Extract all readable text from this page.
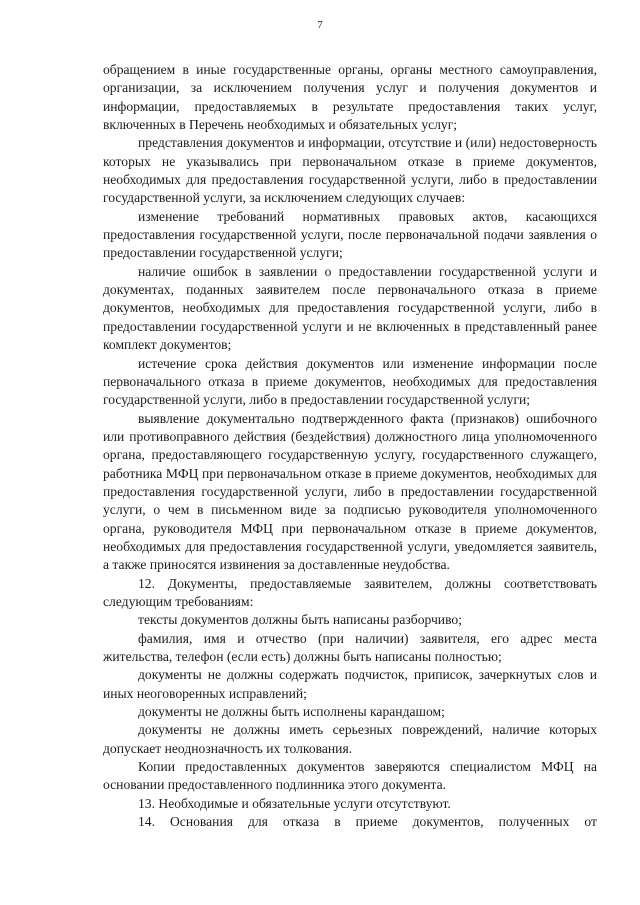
7

обращением в иные государственные органы, органы местного самоуправления, организации, за исключением получения услуг и получения документов и информации, предоставляемых в результате предоставления таких услуг, включенных в Перечень необходимых и обязательных услуг;

представления документов и информации, отсутствие и (или) недостоверность которых не указывались при первоначальном отказе в приеме документов, необходимых для предоставления государственной услуги, либо в предоставлении государственной услуги, за исключением следующих случаев:

изменение требований нормативных правовых актов, касающихся предоставления государственной услуги, после первоначальной подачи заявления о предоставлении государственной услуги;

наличие ошибок в заявлении о предоставлении государственной услуги и документах, поданных заявителем после первоначального отказа в приеме документов, необходимых для предоставления государственной услуги, либо в предоставлении государственной услуги и не включенных в представленный ранее комплект документов;

истечение срока действия документов или изменение информации после первоначального отказа в приеме документов, необходимых для предоставления государственной услуги, либо в предоставлении государственной услуги;

выявление документально подтвержденного факта (признаков) ошибочного или противоправного действия (бездействия) должностного лица уполномоченного органа, предоставляющего государственную услугу, государственного служащего, работника МФЦ при первоначальном отказе в приеме документов, необходимых для предоставления государственной услуги, либо в предоставлении государственной услуги, о чем в письменном виде за подписью руководителя уполномоченного органа, руководителя МФЦ при первоначальном отказе в приеме документов, необходимых для предоставления государственной услуги, уведомляется заявитель, а также приносятся извинения за доставленные неудобства.

12. Документы, предоставляемые заявителем, должны соответствовать следующим требованиям:

тексты документов должны быть написаны разборчиво;

фамилия, имя и отчество (при наличии) заявителя, его адрес места жительства, телефон (если есть) должны быть написаны полностью;

документы не должны содержать подчисток, приписок, зачеркнутых слов и иных неоговоренных исправлений;

документы не должны быть исполнены карандашом;

документы не должны иметь серьезных повреждений, наличие которых допускает неоднозначность их толкования.

Копии предоставленных документов заверяются специалистом МФЦ на основании предоставленного подлинника этого документа.

13. Необходимые и обязательные услуги отсутствуют.

14. Основания для отказа в приеме документов, полученных от
